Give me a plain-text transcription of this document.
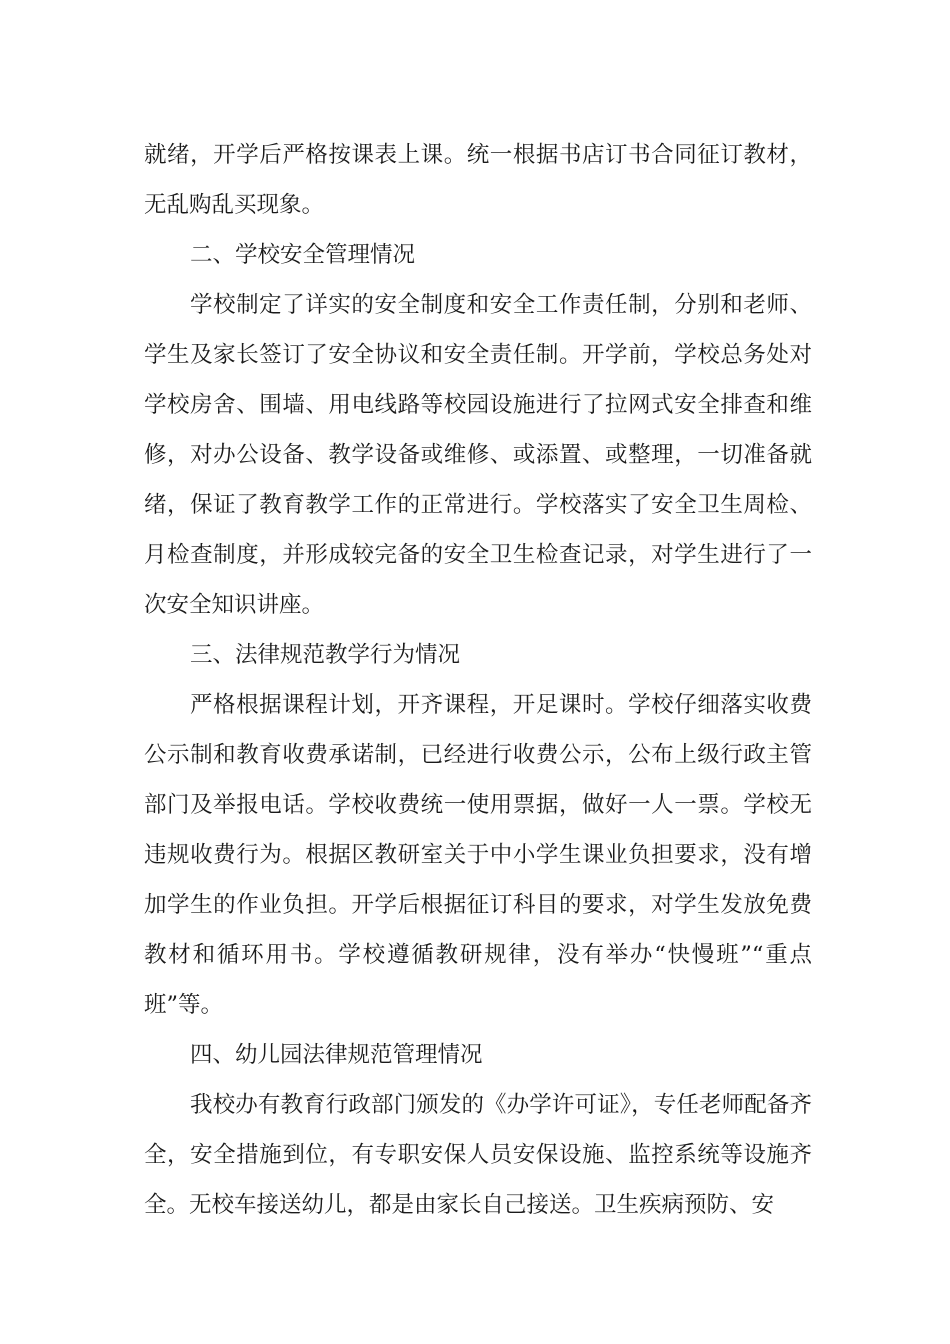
就绪，开学后严格按课表上课。统一根据书店订书合同征订教材，无乱购乱买现象。

二、学校安全管理情况

学校制定了详实的安全制度和安全工作责任制，分别和老师、学生及家长签订了安全协议和安全责任制。开学前，学校总务处对学校房舍、围墙、用电线路等校园设施进行了拉网式安全排查和维修，对办公设备、教学设备或维修、或添置、或整理，一切准备就绪，保证了教育教学工作的正常进行。学校落实了安全卫生周检、月检查制度，并形成较完备的安全卫生检查记录，对学生进行了一次安全知识讲座。

三、法律规范教学行为情况

严格根据课程计划，开齐课程，开足课时。学校仔细落实收费公示制和教育收费承诺制，已经进行收费公示，公布上级行政主管部门及举报电话。学校收费统一使用票据，做好一人一票。学校无违规收费行为。根据区教研室关于中小学生课业负担要求，没有增加学生的作业负担。开学后根据征订科目的要求，对学生发放免费教材和循环用书。学校遵循教研规律，没有举办“快慢班”“重点班”等。

四、幼儿园法律规范管理情况

我校办有教育行政部门颁发的《办学许可证》，专任老师配备齐全，安全措施到位，有专职安保人员安保设施、监控系统等设施齐全。无校车接送幼儿，都是由家长自己接送。卫生疾病预防、安
